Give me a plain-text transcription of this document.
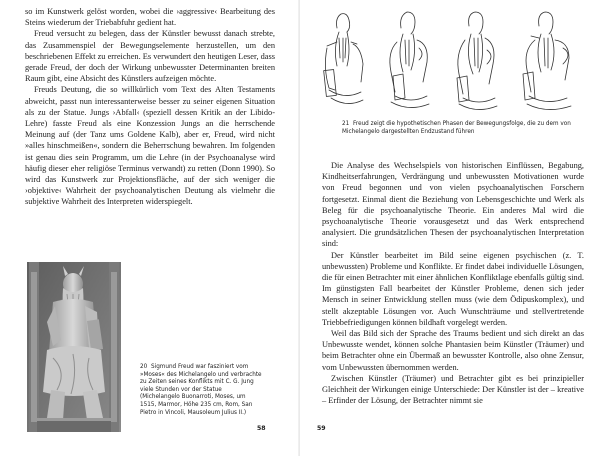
so im Kunstwerk gelöst worden, wobei die ›aggressive‹ Bearbeitung des Steins wiederum der Triebabfuhr gedient hat.

Freud versucht zu belegen, dass der Künstler bewusst danach strebte, das Zusammenspiel der Bewegungselemente herzustellen, um den beschriebenen Effekt zu erreichen. Es verwundert den heutigen Leser, dass gerade Freud, der doch der Wirkung unbewusster Determinanten breiten Raum gibt, eine Absicht des Künstlers aufzeigen möchte.

Freuds Deutung, die so willkürlich vom Text des Alten Testaments abweicht, passt nun interessanterweise besser zu seiner eigenen Situation als zu der Statue. Jungs ›Abfall‹ (speziell dessen Kritik an der Libido-Lehre) fasste Freud als eine Konzession Jungs an die herrschende Meinung auf (der Tanz ums Goldene Kalb), aber er, Freud, wird nicht »alles hinschmeißen«, sondern die Beherrschung bewahren. Im folgenden ist genau dies sein Programm, um die Lehre (in der Psychoanalyse wird häufig dieser eher religiöse Terminus verwandt) zu retten (Donn 1990). So wird das Kunstwerk zur Projektionsfläche, auf der sich weniger die ›objektive‹ Wahrheit der psychoanalytischen Deutung als vielmehr die subjektive Wahrheit des Interpreten widerspiegelt.

20 Sigmund Freud war fasziniert vom »Moses« des Michelangelo und verbrachte zu Zeiten seines Konflikts mit C. G. Jung viele Stunden vor der Statue (Michelangelo Buonarroti, Moses, um 1515, Marmor, Höhe 235 cm, Rom, San Pietro in Vincoli, Mausoleum Julius II.)
58
21 Freud zeigt die hypothetischen Phasen der Bewegungsfolge, die zu dem von Michelangelo dargestellten Endzustand führen

Die Analyse des Wechselspiels von historischen Einflüssen, Begabung, Kindheitserfahrungen, Verdrängung und unbewussten Motivationen wurde von Freud begonnen und von vielen psychoanalytischen Forschern fortgesetzt. Einmal dient die Beziehung von Lebensgeschichte und Werk als Beleg für die psychoanalytische Theorie. Ein anderes Mal wird die psychoanalytische Theorie vorausgesetzt und das Werk entsprechend analysiert. Die grundsätzlichen Thesen der psychoanalytischen Interpretation sind:

Der Künstler bearbeitet im Bild seine eigenen psychischen (z. T. unbewussten) Probleme und Konflikte. Er findet dabei individuelle Lösungen, die für einen Betrachter mit einer ähnlichen Konfliktlage ebenfalls gültig sind. Im günstigsten Fall bearbeitet der Künstler Probleme, denen sich jeder Mensch in seiner Entwicklung stellen muss (wie dem Ödipuskomplex), und stellt akzeptable Lösungen vor. Auch Wunschträume und stellvertretende Triebbefriedigungen können bildhaft vorgelegt werden.

Weil das Bild sich der Sprache des Traums bedient und sich direkt an das Unbewusste wendet, können solche Phantasien beim Künstler (Träumer) und beim Betrachter ohne ein Übermaß an bewusster Kontrolle, also ohne Zensur, vom Unbewussten übernommen werden.

Zwischen Künstler (Träumer) und Betrachter gibt es bei prinzipieller Gleichheit der Wirkungen einige Unterschiede: Der Künstler ist der – kreative – Erfinder der Lösung, der Betrachter nimmt sie

59
